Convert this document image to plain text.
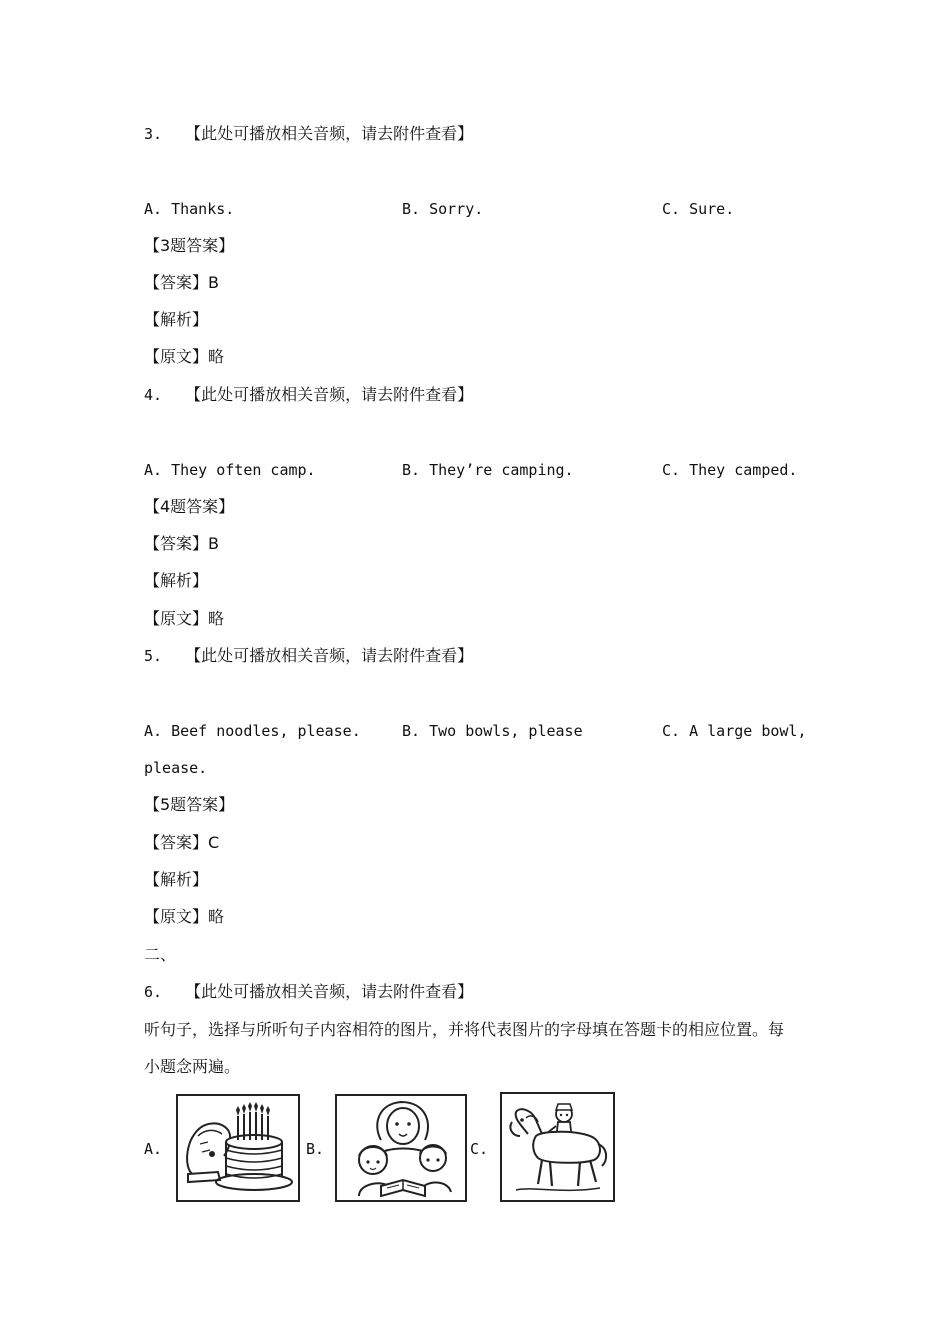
3. 【此处可播放相关音频，请去附件查看】
A. Thanks.	B. Sorry.	C. Sure.
【3题答案】
【答案】B
【解析】
【原文】略
4. 【此处可播放相关音频，请去附件查看】
A. They often camp.	B. They’re camping.	C. They camped.
【4题答案】
【答案】B
【解析】
【原文】略
5. 【此处可播放相关音频，请去附件查看】
A. Beef noodles, please.	B. Two bowls, please	C. A large bowl,
please.
【5题答案】
【答案】C
【解析】
【原文】略
二、
6. 【此处可播放相关音频，请去附件查看】
听句子，选择与所听句子内容相符的图片，并将代表图片的字母填在答题卡的相应位置。每
小题念两遍。
A.	B.	C.
